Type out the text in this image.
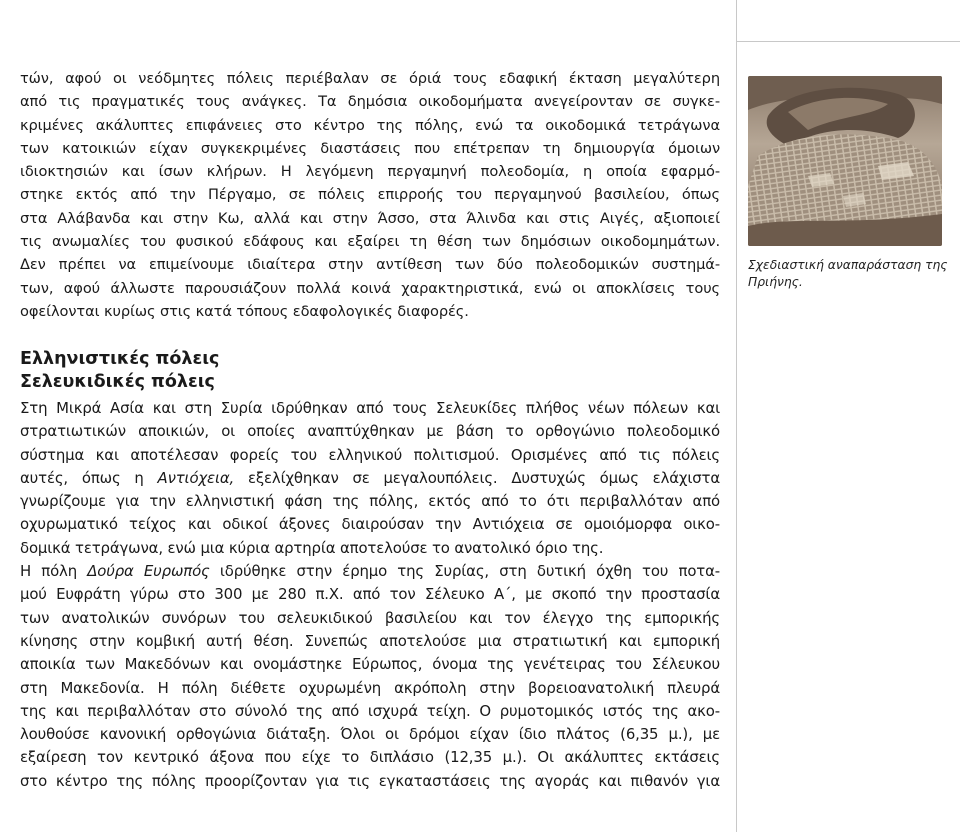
τών, αφού οι νεόδμητες πόλεις περιέβαλαν σε όριά τους εδαφική έκταση μεγαλύτερη

από τις πραγματικές τους ανάγκες. Τα δημόσια οικοδομήματα ανεγείρονταν σε συγκε-

κριμένες ακάλυπτες επιφάνειες στο κέντρο της πόλης, ενώ τα οικοδομικά τετράγωνα

των κατοικιών είχαν συγκεκριμένες διαστάσεις που επέτρεπαν τη δημιουργία όμοιων

ιδιοκτησιών και ίσων κλήρων. Η λεγόμενη περγαμηνή πολεοδομία, η οποία εφαρμό-

στηκε εκτός από την Πέργαμο, σε πόλεις επιρροής του περγαμηνού βασιλείου, όπως

στα Αλάβανδα και στην Κω, αλλά και στην Άσσο, στα Άλινδα και στις Αιγές, αξιοποιεί

τις ανωμαλίες του φυσικού εδάφους και εξαίρει τη θέση των δημόσιων οικοδομημάτων.

Δεν πρέπει να επιμείνουμε ιδιαίτερα στην αντίθεση των δύο πολεοδομικών συστημά-

των, αφού άλλωστε παρουσιάζουν πολλά κοινά χαρακτηριστικά, ενώ οι αποκλίσεις τους

οφείλονται κυρίως στις κατά τόπους εδαφολογικές διαφορές.

Ελληνιστικές πόλεις
Σελευκιδικές πόλεις

Στη Μικρά Ασία και στη Συρία ιδρύθηκαν από τους Σελευκίδες πλήθος νέων πόλεων και

στρατιωτικών αποικιών, οι οποίες αναπτύχθηκαν με βάση το ορθογώνιο πολεοδομικό

σύστημα και αποτέλεσαν φορείς του ελληνικού πολιτισμού. Ορισμένες από τις πόλεις

αυτές, όπως η Αντιόχεια, εξελίχθηκαν σε μεγαλουπόλεις. Δυστυχώς όμως ελάχιστα

γνωρίζουμε για την ελληνιστική φάση της πόλης, εκτός από το ότι περιβαλλόταν από

οχυρωματικό τείχος και οδικοί άξονες διαιρούσαν την Αντιόχεια σε ομοιόμορφα οικο-

δομικά τετράγωνα, ενώ μια κύρια αρτηρία αποτελούσε το ανατολικό όριο της.

Η πόλη Δούρα Ευρωπός ιδρύθηκε στην έρημο της Συρίας, στη δυτική όχθη του ποτα-

μού Ευφράτη γύρω στο 300 με 280 π.Χ. από τον Σέλευκο Α΄, με σκοπό την προστασία

των ανατολικών συνόρων του σελευκιδικού βασιλείου και τον έλεγχο της εμπορικής

κίνησης στην κομβική αυτή θέση. Συνεπώς αποτελούσε μια στρατιωτική και εμπορική

αποικία των Μακεδόνων και ονομάστηκε Εύρωπος, όνομα της γενέτειρας του Σέλευκου

στη Μακεδονία. Η πόλη διέθετε οχυρωμένη ακρόπολη στην βορειοανατολική πλευρά

της και περιβαλλόταν στο σύνολό της από ισχυρά τείχη. Ο ρυμοτομικός ιστός της ακο-

λουθούσε κανονική ορθογώνια διάταξη. Όλοι οι δρόμοι είχαν ίδιο πλάτος (6,35 μ.), με

εξαίρεση τον κεντρικό άξονα που είχε το διπλάσιο (12,35 μ.). Οι ακάλυπτες εκτάσεις

στο κέντρο της πόλης προορίζονταν για τις εγκαταστάσεις της αγοράς και πιθανόν για

Σχεδιαστική αναπαράσταση της
Πριήνης.
